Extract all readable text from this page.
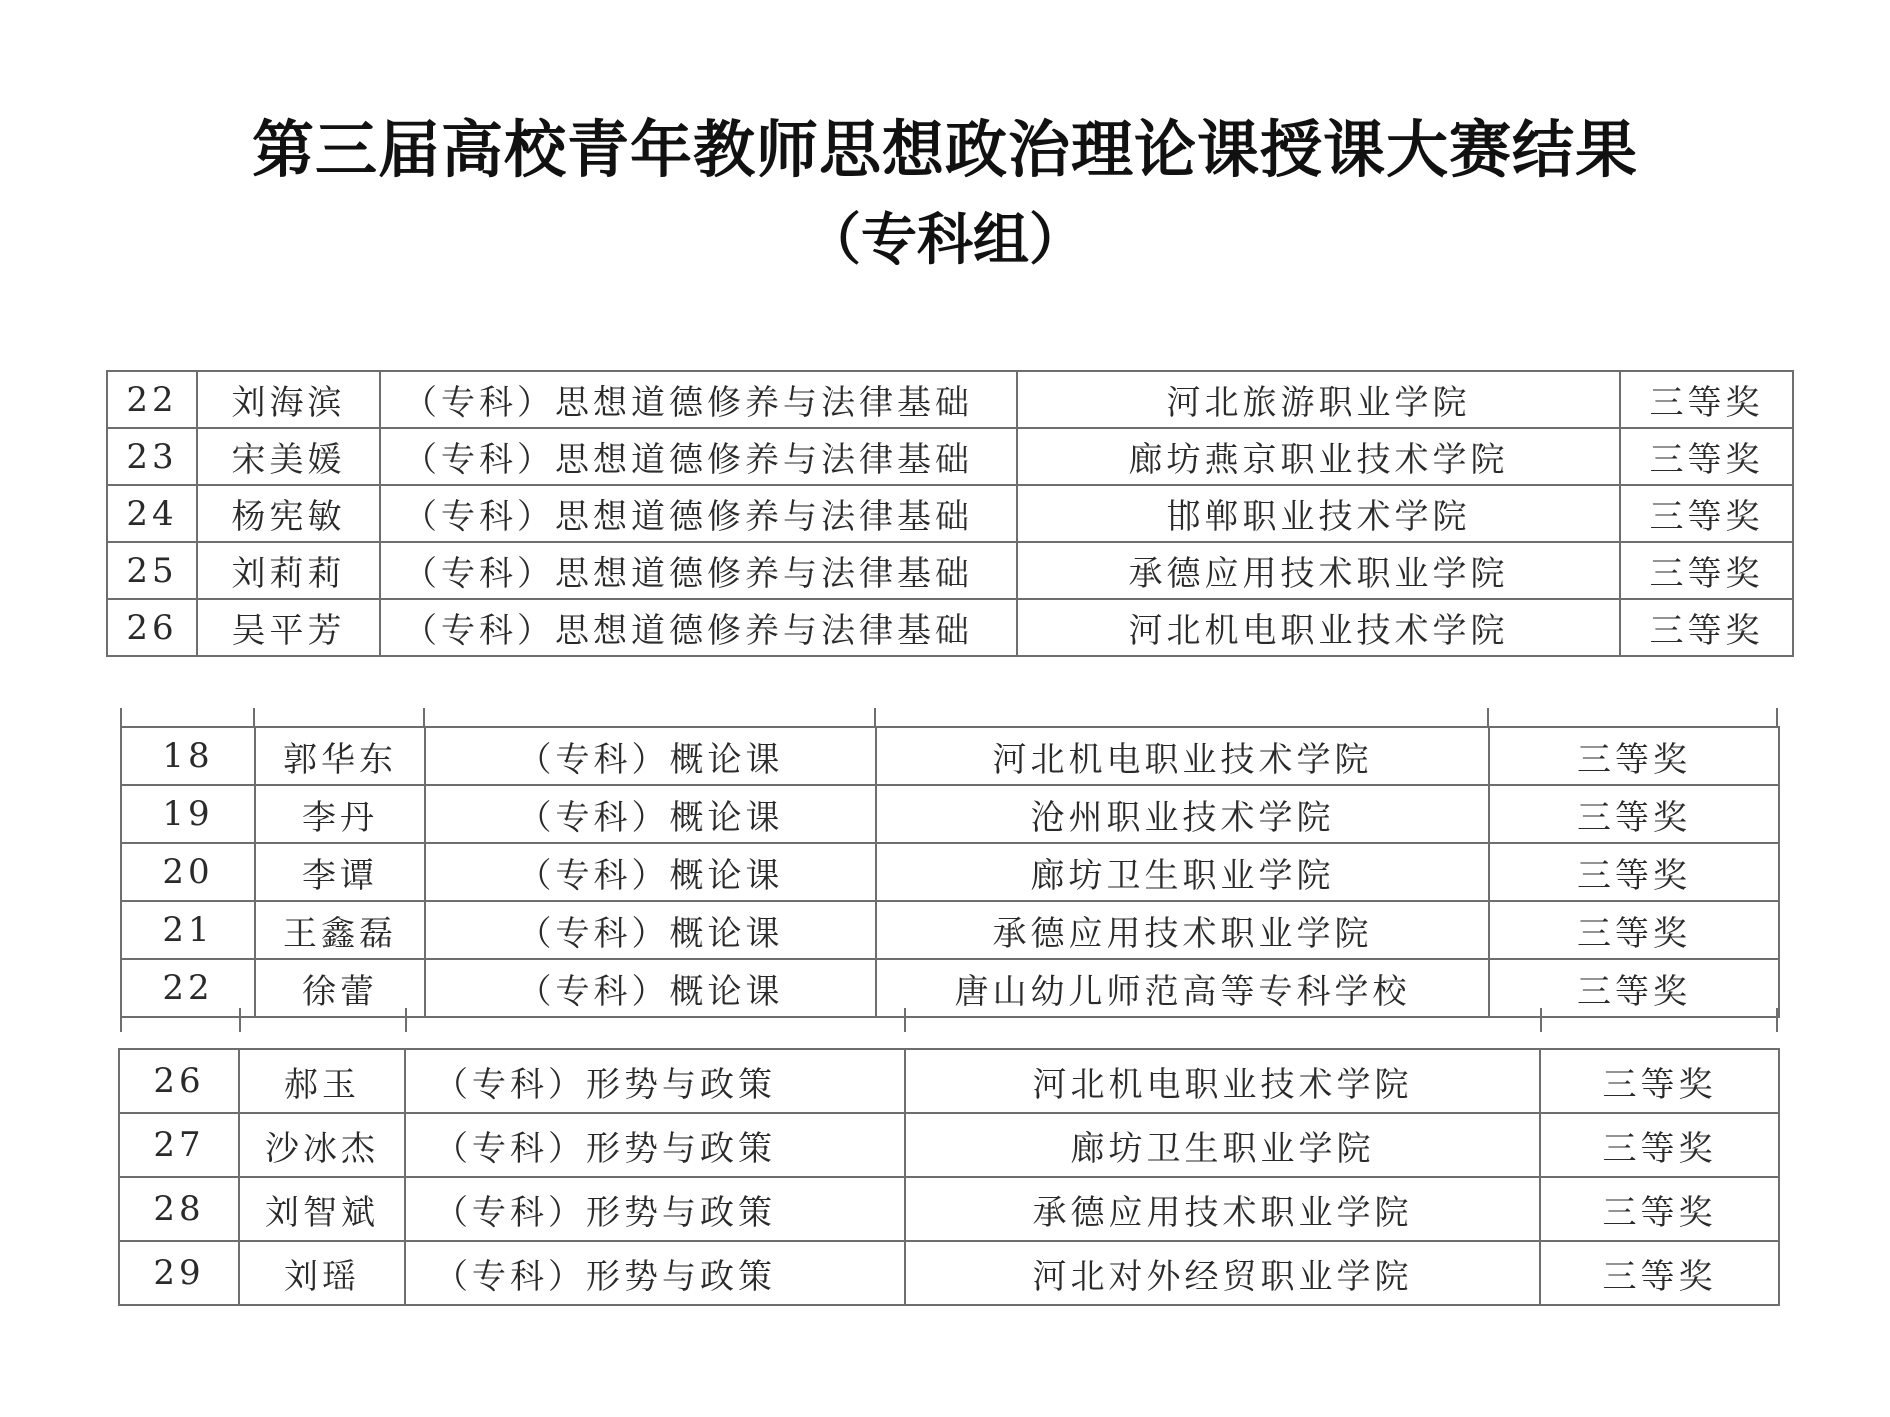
第三届高校青年教师思想政治理论课授课大赛结果
（专科组）
22	刘海滨	（专科）思想道德修养与法律基础	河北旅游职业学院	三等奖
23	宋美媛	（专科）思想道德修养与法律基础	廊坊燕京职业技术学院	三等奖
24	杨宪敏	（专科）思想道德修养与法律基础	邯郸职业技术学院	三等奖
25	刘莉莉	（专科）思想道德修养与法律基础	承德应用技术职业学院	三等奖
26	吴平芳	（专科）思想道德修养与法律基础	河北机电职业技术学院	三等奖
18	郭华东	（专科）概论课	河北机电职业技术学院	三等奖
19	李丹	（专科）概论课	沧州职业技术学院	三等奖
20	李谭	（专科）概论课	廊坊卫生职业学院	三等奖
21	王鑫磊	（专科）概论课	承德应用技术职业学院	三等奖
22	徐蕾	（专科）概论课	唐山幼儿师范高等专科学校	三等奖
26	郝玉	（专科）形势与政策	河北机电职业技术学院	三等奖
27	沙冰杰	（专科）形势与政策	廊坊卫生职业学院	三等奖
28	刘智斌	（专科）形势与政策	承德应用技术职业学院	三等奖
29	刘瑶	（专科）形势与政策	河北对外经贸职业学院	三等奖
